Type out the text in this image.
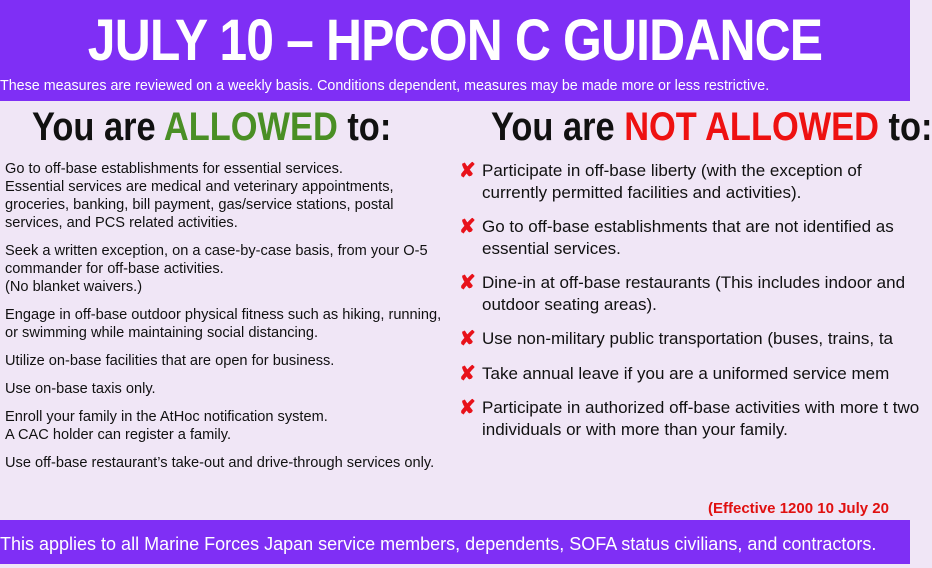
JULY 10 – HPCON C GUIDANCE
These measures are reviewed on a weekly basis. Conditions dependent, measures may be made more or less restrictive.
You are ALLOWED to: You are NOT ALLOWED to:
Go to off-base establishments for essential services.
Essential services are medical and veterinary appointments, groceries, banking, bill payment, gas/service stations, postal services, and PCS related activities.
Seek a written exception, on a case-by-case basis, from your O-5 commander for off-base activities.
(No blanket waivers.)
Engage in off-base outdoor physical fitness such as hiking, running, or swimming while maintaining social distancing.
Utilize on-base facilities that are open for business.
Use on-base taxis only.
Enroll your family in the AtHoc notification system.
A CAC holder can register a family.
Use off-base restaurant’s take-out and drive-through services only.
✘ Participate in off-base liberty (with the exception of currently permitted facilities and activities).
✘ Go to off-base establishments that are not identified as essential services.
✘ Dine-in at off-base restaurants (This includes indoor and outdoor seating areas).
✘ Use non-military public transportation (buses, trains, ta
✘ Take annual leave if you are a uniformed service mem
✘ Participate in authorized off-base activities with more t two individuals or with more than your family.
(Effective 1200 10 July 20
This applies to all Marine Forces Japan service members, dependents, SOFA status civilians, and contractors.
